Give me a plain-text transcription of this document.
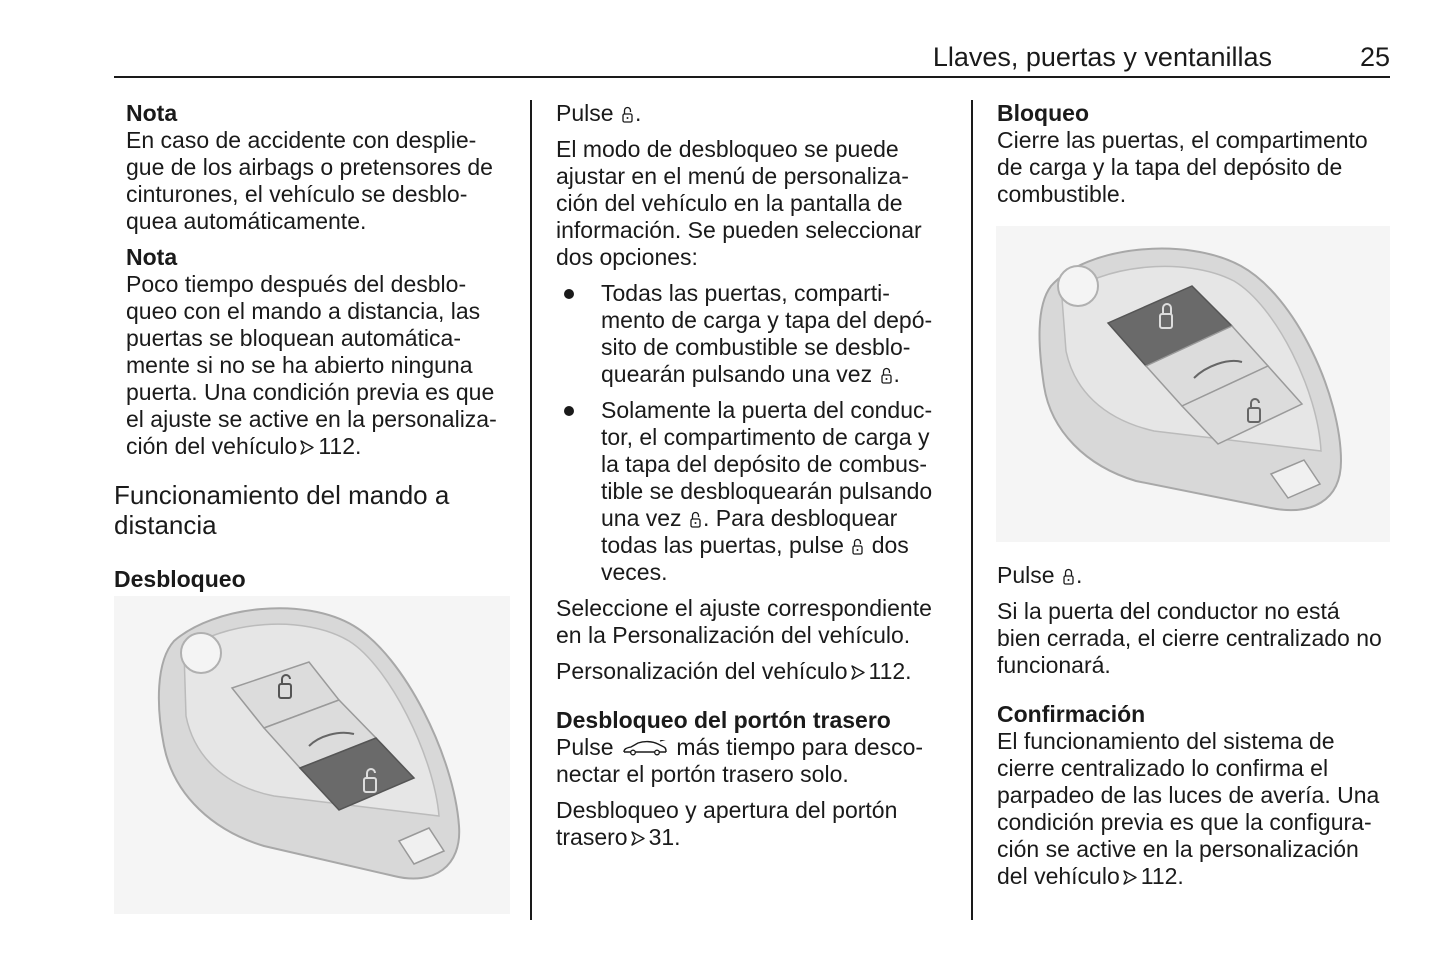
Llaves, puertas y ventanillas	25
Nota
En caso de accidente con desplie-
gue de los airbags o pretensores de
cinturones, el vehículo se desblo-
quea automáticamente.
Nota
Poco tiempo después del desblo-
queo con el mando a distancia, las
puertas se bloquean automática-
mente si no se ha abierto ninguna
puerta. Una condición previa es que
el ajuste se active en la personaliza-
ción del vehículo 112.
Funcionamiento del mando a
distancia
Desbloqueo
Pulse .
El modo de desbloqueo se puede
ajustar en el menú de personaliza-
ción del vehículo en la pantalla de
información. Se pueden seleccionar
dos opciones:
Todas las puertas, comparti-
mento de carga y tapa del depó-
sito de combustible se desblo-
quearán pulsando una vez .
Solamente la puerta del conduc-
tor, el compartimento de carga y
la tapa del depósito de combus-
tible se desbloquearán pulsando
una vez . Para desbloquear
todas las puertas, pulse dos
veces.
Seleccione el ajuste correspondiente
en la Personalización del vehículo.
Personalización del vehículo 112.
Desbloqueo del portón trasero
Pulse	más tiempo para desco-
nectar el portón trasero solo.
Desbloqueo y apertura del portón
trasero 31.
Bloqueo
Cierre las puertas, el compartimento
de carga y la tapa del depósito de
combustible.
Pulse .
Si la puerta del conductor no está
bien cerrada, el cierre centralizado no
funcionará.
Confirmación
El funcionamiento del sistema de
cierre centralizado lo confirma el
parpadeo de las luces de avería. Una
condición previa es que la configura-
ción se active en la personalización
del vehículo 112.
